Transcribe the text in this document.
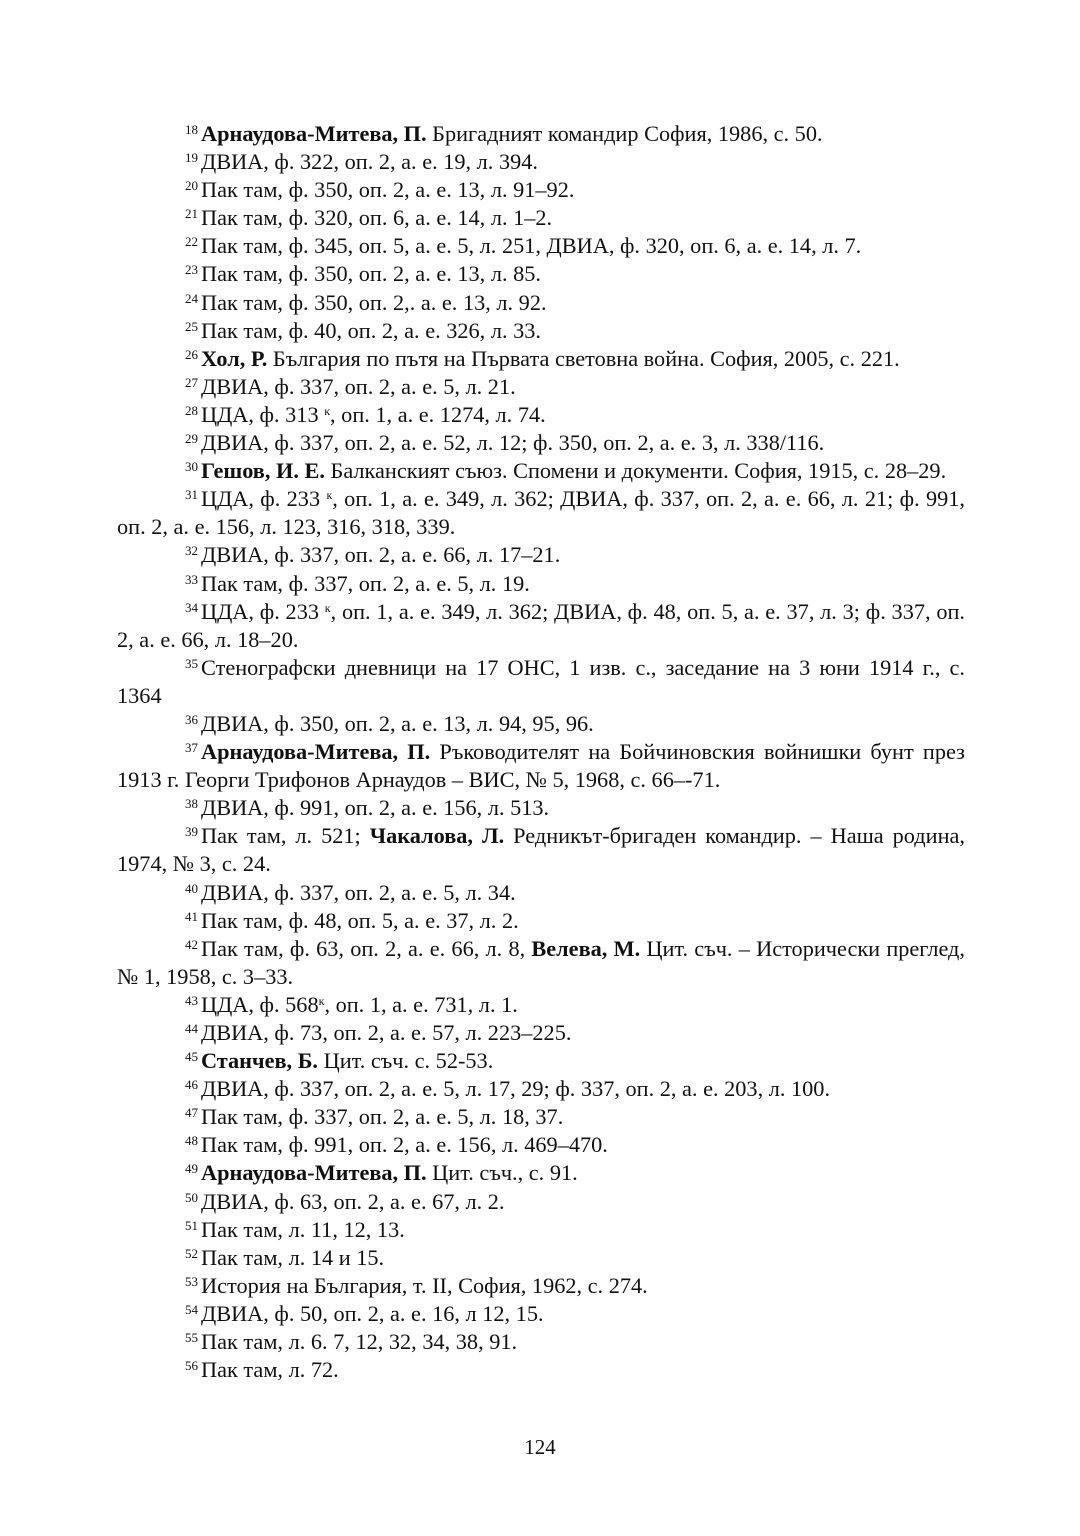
$^{18}$ Арнаудова-Митева, П. Бригадният командир София, 1986, с. 50.
$^{19}$ ДВИА, ф. 322, оп. 2, а. е. 19, л. 394.
$^{20}$ Пак там, ф. 350, оп. 2, а. е. 13, л. 91–92.
$^{21}$ Пак там, ф. 320, оп. 6, а. е. 14, л. 1–2.
$^{22}$ Пак там, ф. 345, оп. 5, а. е. 5, л. 251, ДВИА, ф. 320, оп. 6, а. е. 14, л. 7.
$^{23}$ Пак там, ф. 350, оп. 2, а. е. 13, л. 85.
$^{24}$ Пак там, ф. 350, оп. 2,. а. е. 13, л. 92.
$^{25}$ Пак там, ф. 40, оп. 2, а. е. 326, л. 33.
$^{26}$ Хол, Р. България по пътя на Първата световна война. София, 2005, с. 221.
$^{27}$ ДВИА, ф. 337, оп. 2, а. е. 5, л. 21.
$^{28}$ ЦДА, ф. 313 $^к$, оп. 1, а. е. 1274, л. 74.
$^{29}$ ДВИА, ф. 337, оп. 2, а. е. 52, л. 12; ф. 350, оп. 2, а. е. 3, л. 338/116.
$^{30}$ Гешов, И. Е. Балканският съюз. Спомени и документи. София, 1915, с. 28–29.
$^{31}$ ЦДА, ф. 233 $^к$, оп. 1, а. е. 349, л. 362; ДВИА, ф. 337, оп. 2, а. е. 66, л. 21; ф. 991, оп. 2, а. е. 156, л. 123, 316, 318, 339.
$^{32}$ ДВИА, ф. 337, оп. 2, а. е. 66, л. 17–21.
$^{33}$ Пак там, ф. 337, оп. 2, а. е. 5, л. 19.
$^{34}$ ЦДА, ф. 233 $^к$, оп. 1, а. е. 349, л. 362; ДВИА, ф. 48, оп. 5, а. е. 37, л. 3; ф. 337, оп. 2, а. е. 66, л. 18–20.
$^{35}$ Стенографски дневници на 17 ОНС, 1 изв. с., заседание на 3 юни 1914 г., с. 1364
$^{36}$ ДВИА, ф. 350, оп. 2, а. е. 13, л. 94, 95, 96.
$^{37}$ Арнаудова-Митева, П. Ръководителят на Бойчиновския войнишки бунт през 1913 г. Георги Трифонов Арнаудов – ВИС, № 5, 1968, с. 66–-71.
$^{38}$ ДВИА, ф. 991, оп. 2, а. е. 156, л. 513.
$^{39}$ Пак там, л. 521; Чакалова, Л. Редникът-бригаден командир. – Наша родина, 1974, № 3, с. 24.
$^{40}$ ДВИА, ф. 337, оп. 2, а. е. 5, л. 34.
$^{41}$ Пак там, ф. 48, оп. 5, а. е. 37, л. 2.
$^{42}$ Пак там, ф. 63, оп. 2, а. е. 66, л. 8, Велева, М. Цит. съч. – Исторически преглед, № 1, 1958, с. 3–33.
$^{43}$ ЦДА, ф. $568^к$, оп. 1, а. е. 731, л. 1.
$^{44}$ ДВИА, ф. 73, оп. 2, а. е. 57, л. 223–225.
$^{45}$ Станчев, Б. Цит. съч. с. 52-53.
$^{46}$ ДВИА, ф. 337, оп. 2, а. е. 5, л. 17, 29; ф. 337, оп. 2, а. е. 203, л. 100.
$^{47}$ Пак там, ф. 337, оп. 2, а. е. 5, л. 18, 37.
$^{48}$ Пак там, ф. 991, оп. 2, а. е. 156, л. 469–470.
$^{49}$ Арнаудова-Митева, П. Цит. съч., с. 91.
$^{50}$ ДВИА, ф. 63, оп. 2, а. е. 67, л. 2.
$^{51}$ Пак там, л. 11, 12, 13.
$^{52}$ Пак там, л. 14 и 15.
$^{53}$ История на България, т. II, София, 1962, с. 274.
$^{54}$ ДВИА, ф. 50, оп. 2, а. е. 16, л 12, 15.
$^{55}$ Пак там, л. 6. 7, 12, 32, 34, 38, 91.
$^{56}$ Пак там, л. 72.
124
